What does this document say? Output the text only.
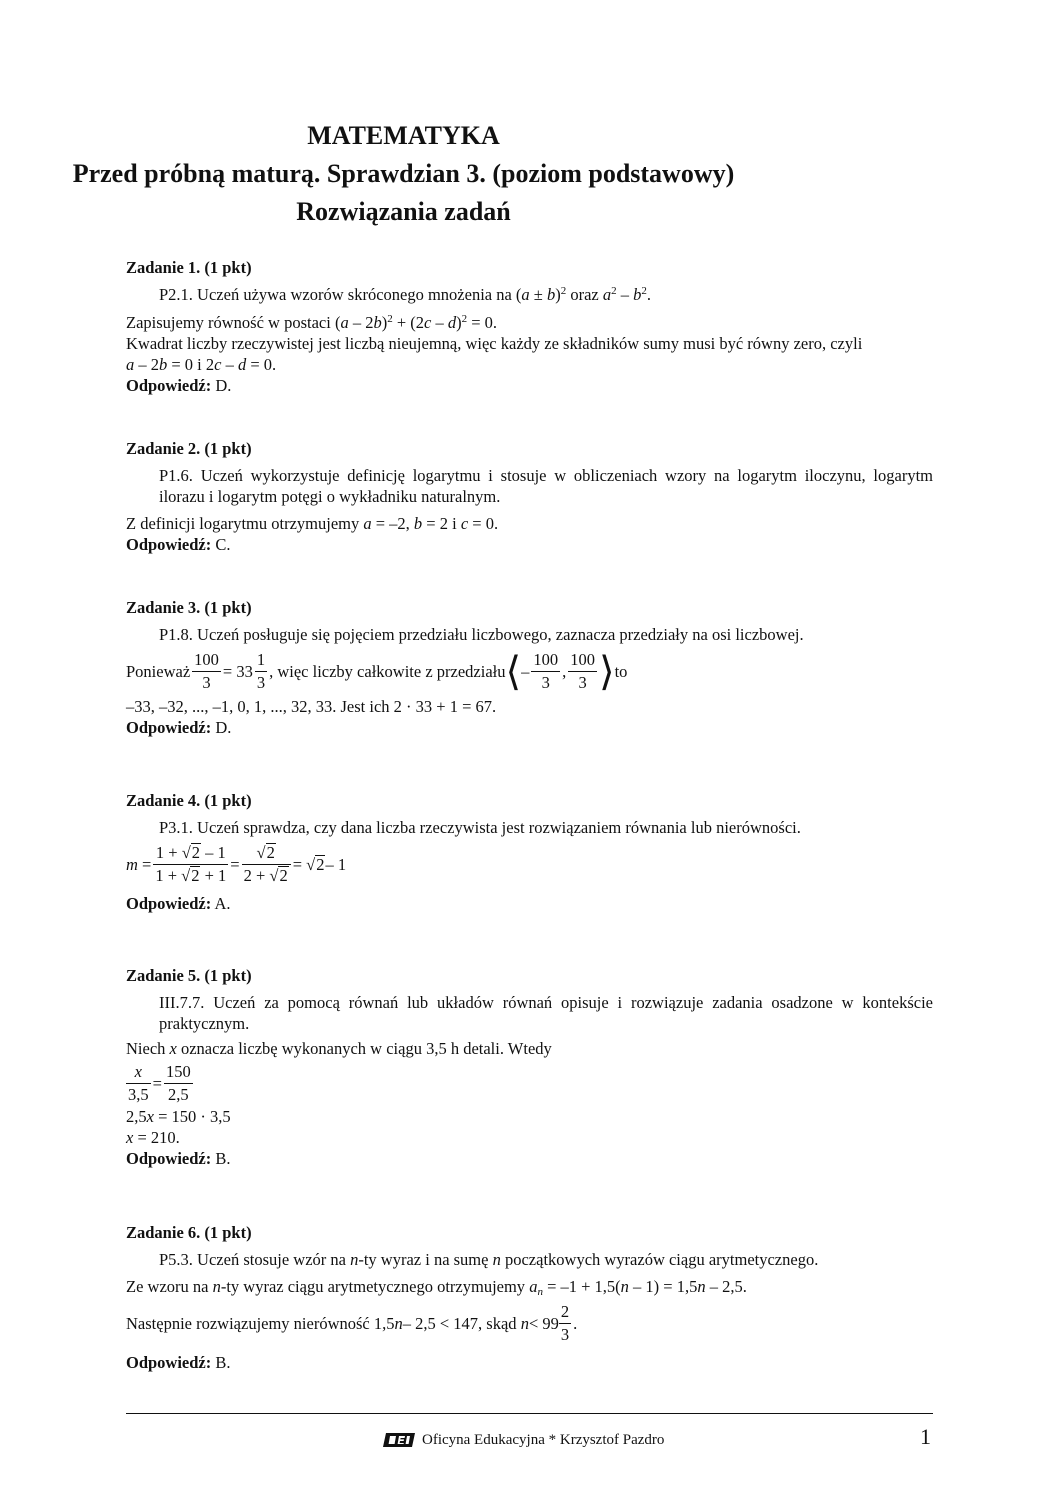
MATEMATYKA
Przed próbną maturą. Sprawdzian 3. (poziom podstawowy)
Rozwiązania zadań
Zadanie 1. (1 pkt)
P2.1. Uczeń używa wzorów skróconego mnożenia na $(a \pm b)^2$ oraz $a^2 - b^2$.
Zapisujemy równość w postaci (a – 2b)$^2$ + (2c – d)$^2$ = 0.
Kwadrat liczby rzeczywistej jest liczbą nieujemną, więc każdy ze składników sumy musi być równy zero, czyli
a – 2b = 0 i 2c – d = 0.
Odpowiedź: D.
Zadanie 2. (1 pkt)
P1.6. Uczeń wykorzystuje definicję logarytmu i stosuje w obliczeniach wzory na logarytm iloczynu, logarytm ilorazu i logarytm potęgi o wykładniku naturalnym.
Z definicji logarytmu otrzymujemy a = –2, b = 2 i c = 0.
Odpowiedź: C.
Zadanie 3. (1 pkt)
P1.8. Uczeń posługuje się pojęciem przedziału liczbowego, zaznacza przedziały na osi liczbowej.
Ponieważ $\frac{100}{3} = 33 \frac{1}{3}$ , więc liczby całkowite z przedziału ⟨ – $\frac{100}{3}$ , $\frac{100}{3}$ ⟩ to
–33, –32, ..., –1, 0, 1, ..., 32, 33. Jest ich 2 · 33 + 1 = 67.
Odpowiedź: D.
Zadanie 4. (1 pkt)
P3.1. Uczeń sprawdza, czy dana liczba rzeczywista jest rozwiązaniem równania lub nierówności.
m
= $\frac{1 + √2 - 1}{1 + √2 + 1} = \frac{√2}{2 + √2}$ =
√ 2 – 1
Odpowiedź: A.
Zadanie 5. (1 pkt)
III.7.7. Uczeń za pomocą równań lub układów równań opisuje i rozwiązuje zadania osadzone w kontekście praktycznym.
Niech x oznacza liczbę wykonanych w ciągu 3,5 h detali. Wtedy
$\frac{x}{3,5} = \frac{150}{2,5}$
2,5x = 150 · 3,5
x = 210.
Odpowiedź: B.
Zadanie 6. (1 pkt)
P5.3. Uczeń stosuje wzór na n-ty wyraz i na sumę n początkowych wyrazów ciągu arytmetycznego.
Ze wzoru na n-ty wyraz ciągu arytmetycznego otrzymujemy $a_n = -1 + 1,5(n - 1) = 1,5n - 2,5$.
Następnie rozwiązujemy nierówność 1,5 n – 2,5 < 147, skąd
$n < 99 \frac{2}{3}$ .
Odpowiedź: B.
Oficyna Edukacyjna * Krzysztof Pazdro	1
